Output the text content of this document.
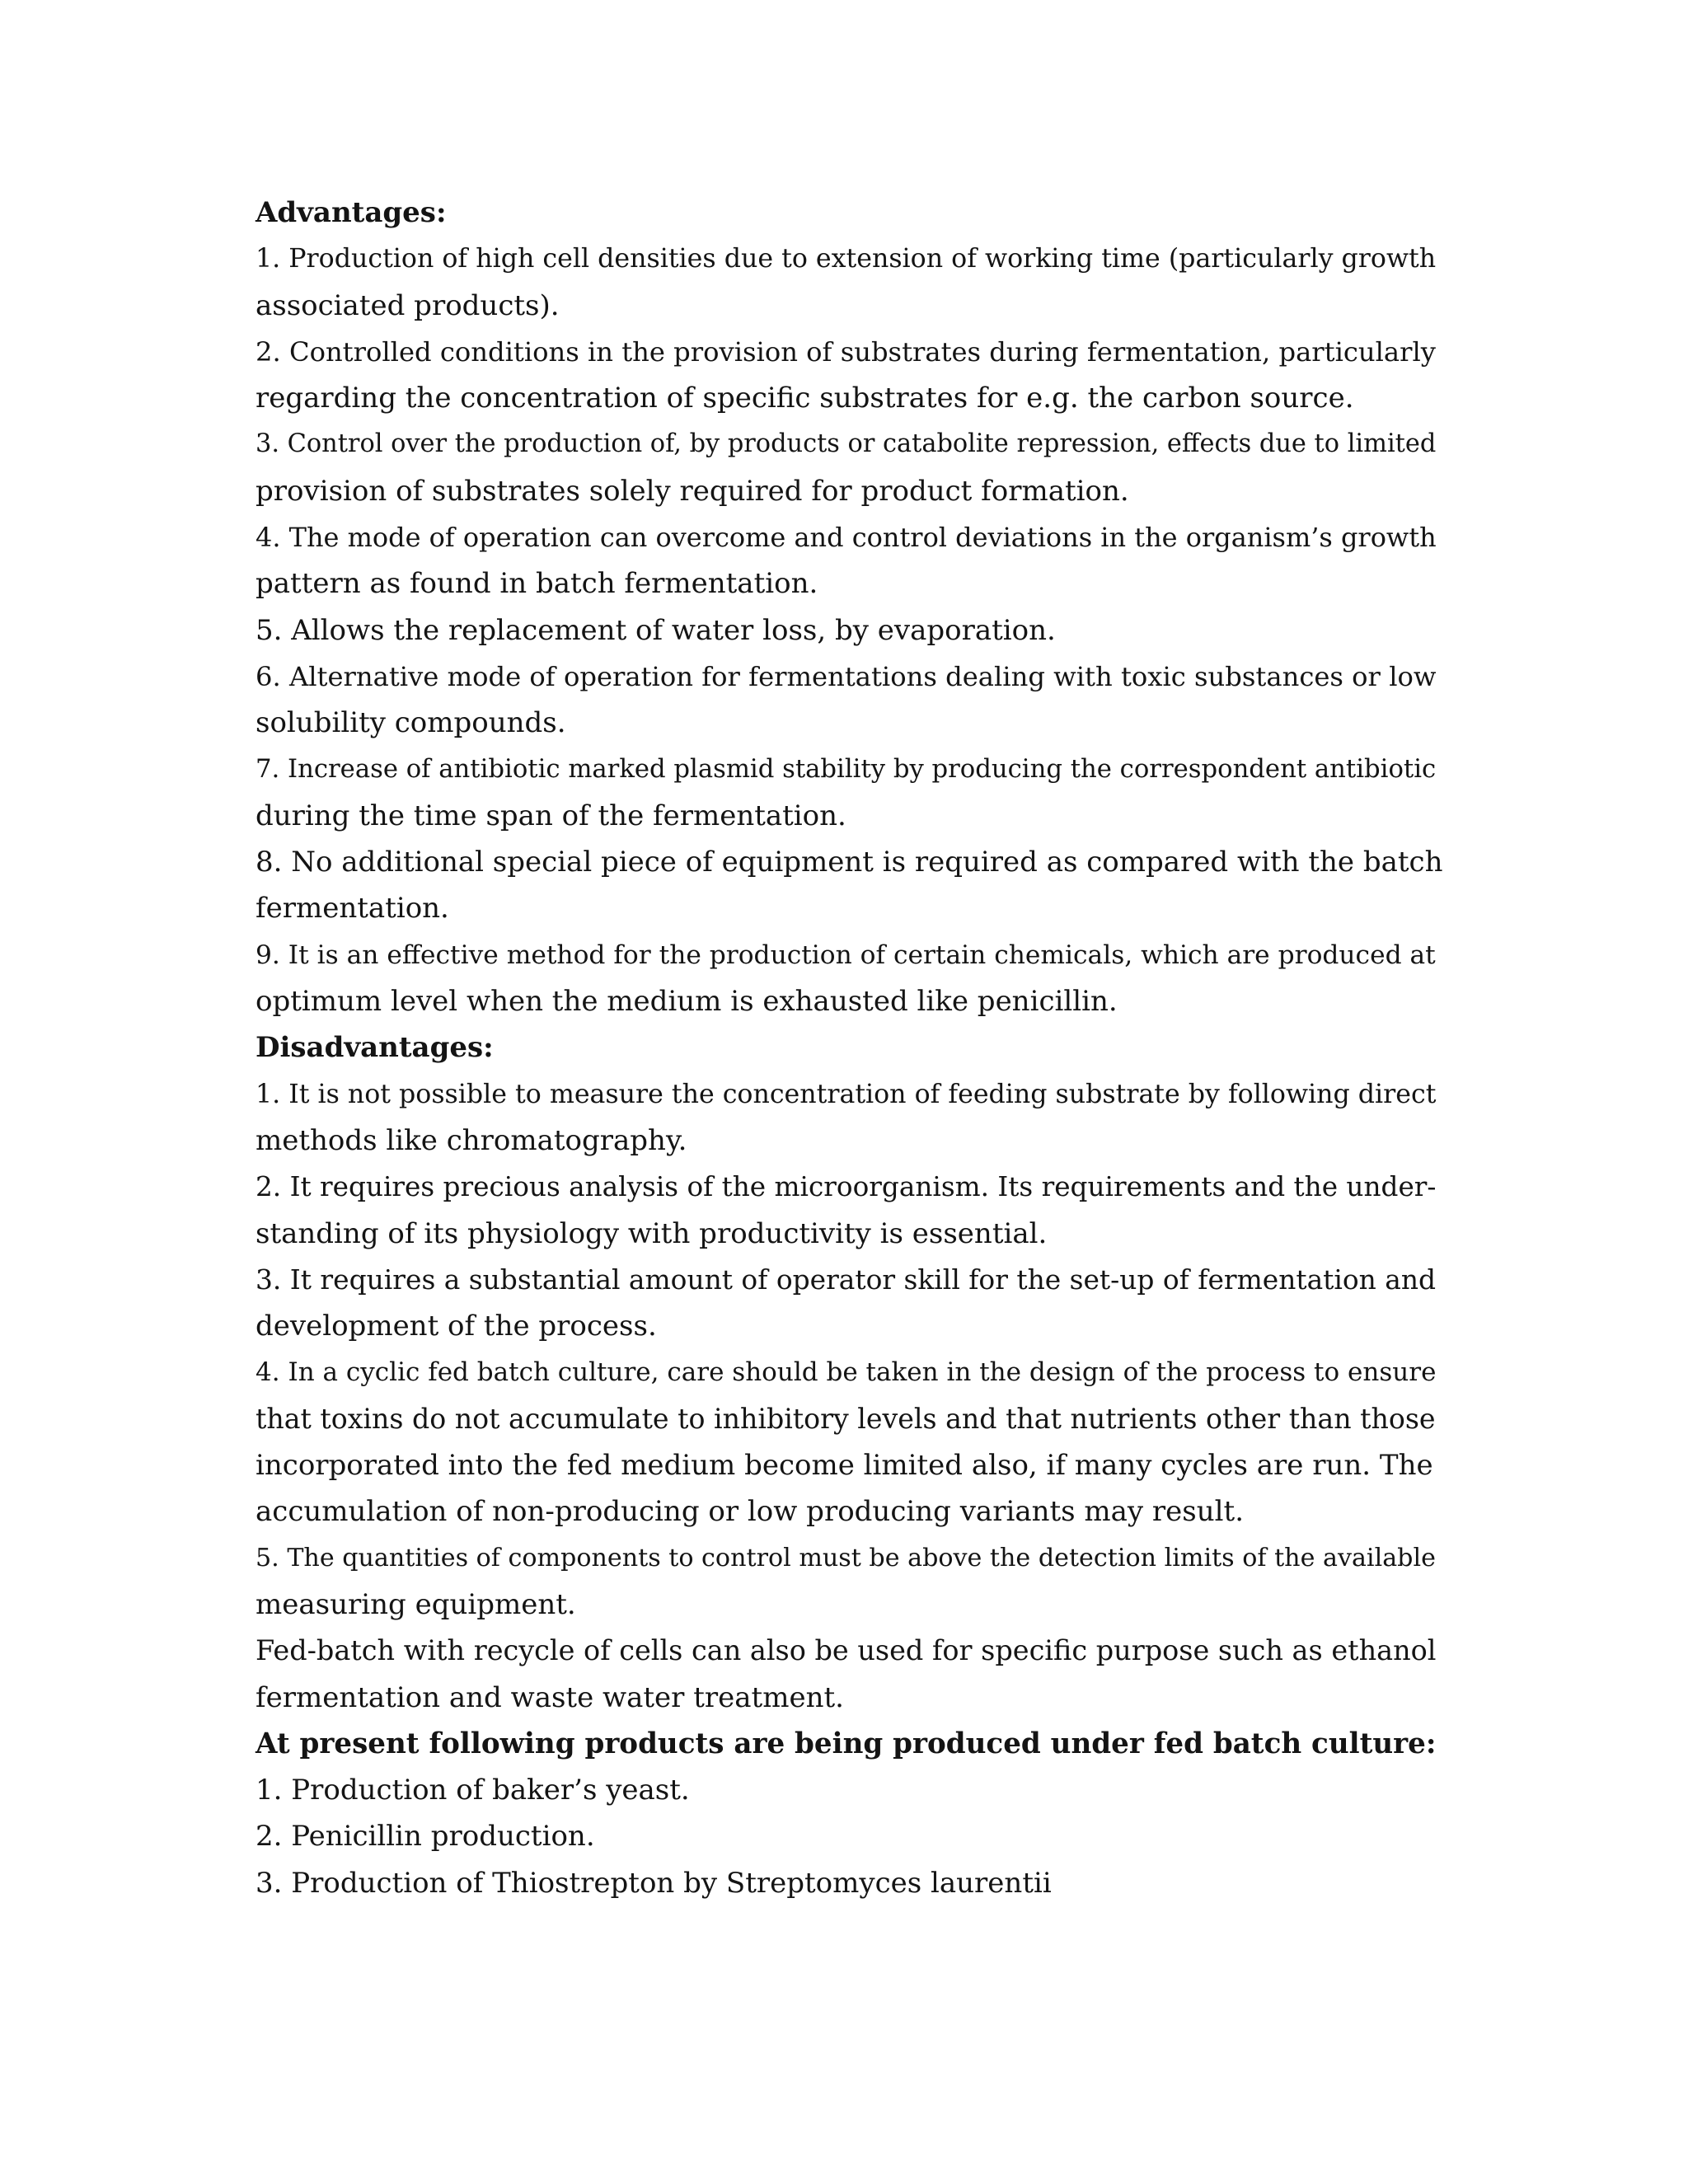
Advantages:

1. Production of high cell densities due to extension of working time (particularly growth

associated products).

2. Controlled conditions in the provision of substrates during fermentation, particularly

regarding the concentration of specific substrates for e.g. the carbon source.

3. Control over the production of, by products or catabolite repression, effects due to limited

provision of substrates solely required for product formation.

4. The mode of operation can overcome and control deviations in the organism’s growth

pattern as found in batch fermentation.

5. Allows the replacement of water loss, by evaporation.

6. Alternative mode of operation for fermentations dealing with toxic substances or low

solubility compounds.

7. Increase of antibiotic marked plasmid stability by producing the correspondent antibiotic

during the time span of the fermentation.

8. No additional special piece of equipment is required as compared with the batch

fermentation.

9. It is an effective method for the production of certain chemicals, which are produced at

optimum level when the medium is exhausted like penicillin.

Disadvantages:

1. It is not possible to measure the concentration of feeding substrate by following direct

methods like chromatography.

2. It requires precious analysis of the microorganism. Its requirements and the under-

standing of its physiology with productivity is essential.

3. It requires a substantial amount of operator skill for the set-up of fermentation and

development of the process.

4. In a cyclic fed batch culture, care should be taken in the design of the process to ensure

that toxins do not accumulate to inhibitory levels and that nutrients other than those

incorporated into the fed medium become limited also, if many cycles are run. The

accumulation of non-producing or low producing variants may result.

5. The quantities of components to control must be above the detection limits of the available

measuring equipment.

Fed-batch with recycle of cells can also be used for specific purpose such as ethanol

fermentation and waste water treatment.

At present following products are being produced under fed batch culture:

1. Production of baker’s yeast.

2. Penicillin production.

3. Production of Thiostrepton by Streptomyces laurentii
